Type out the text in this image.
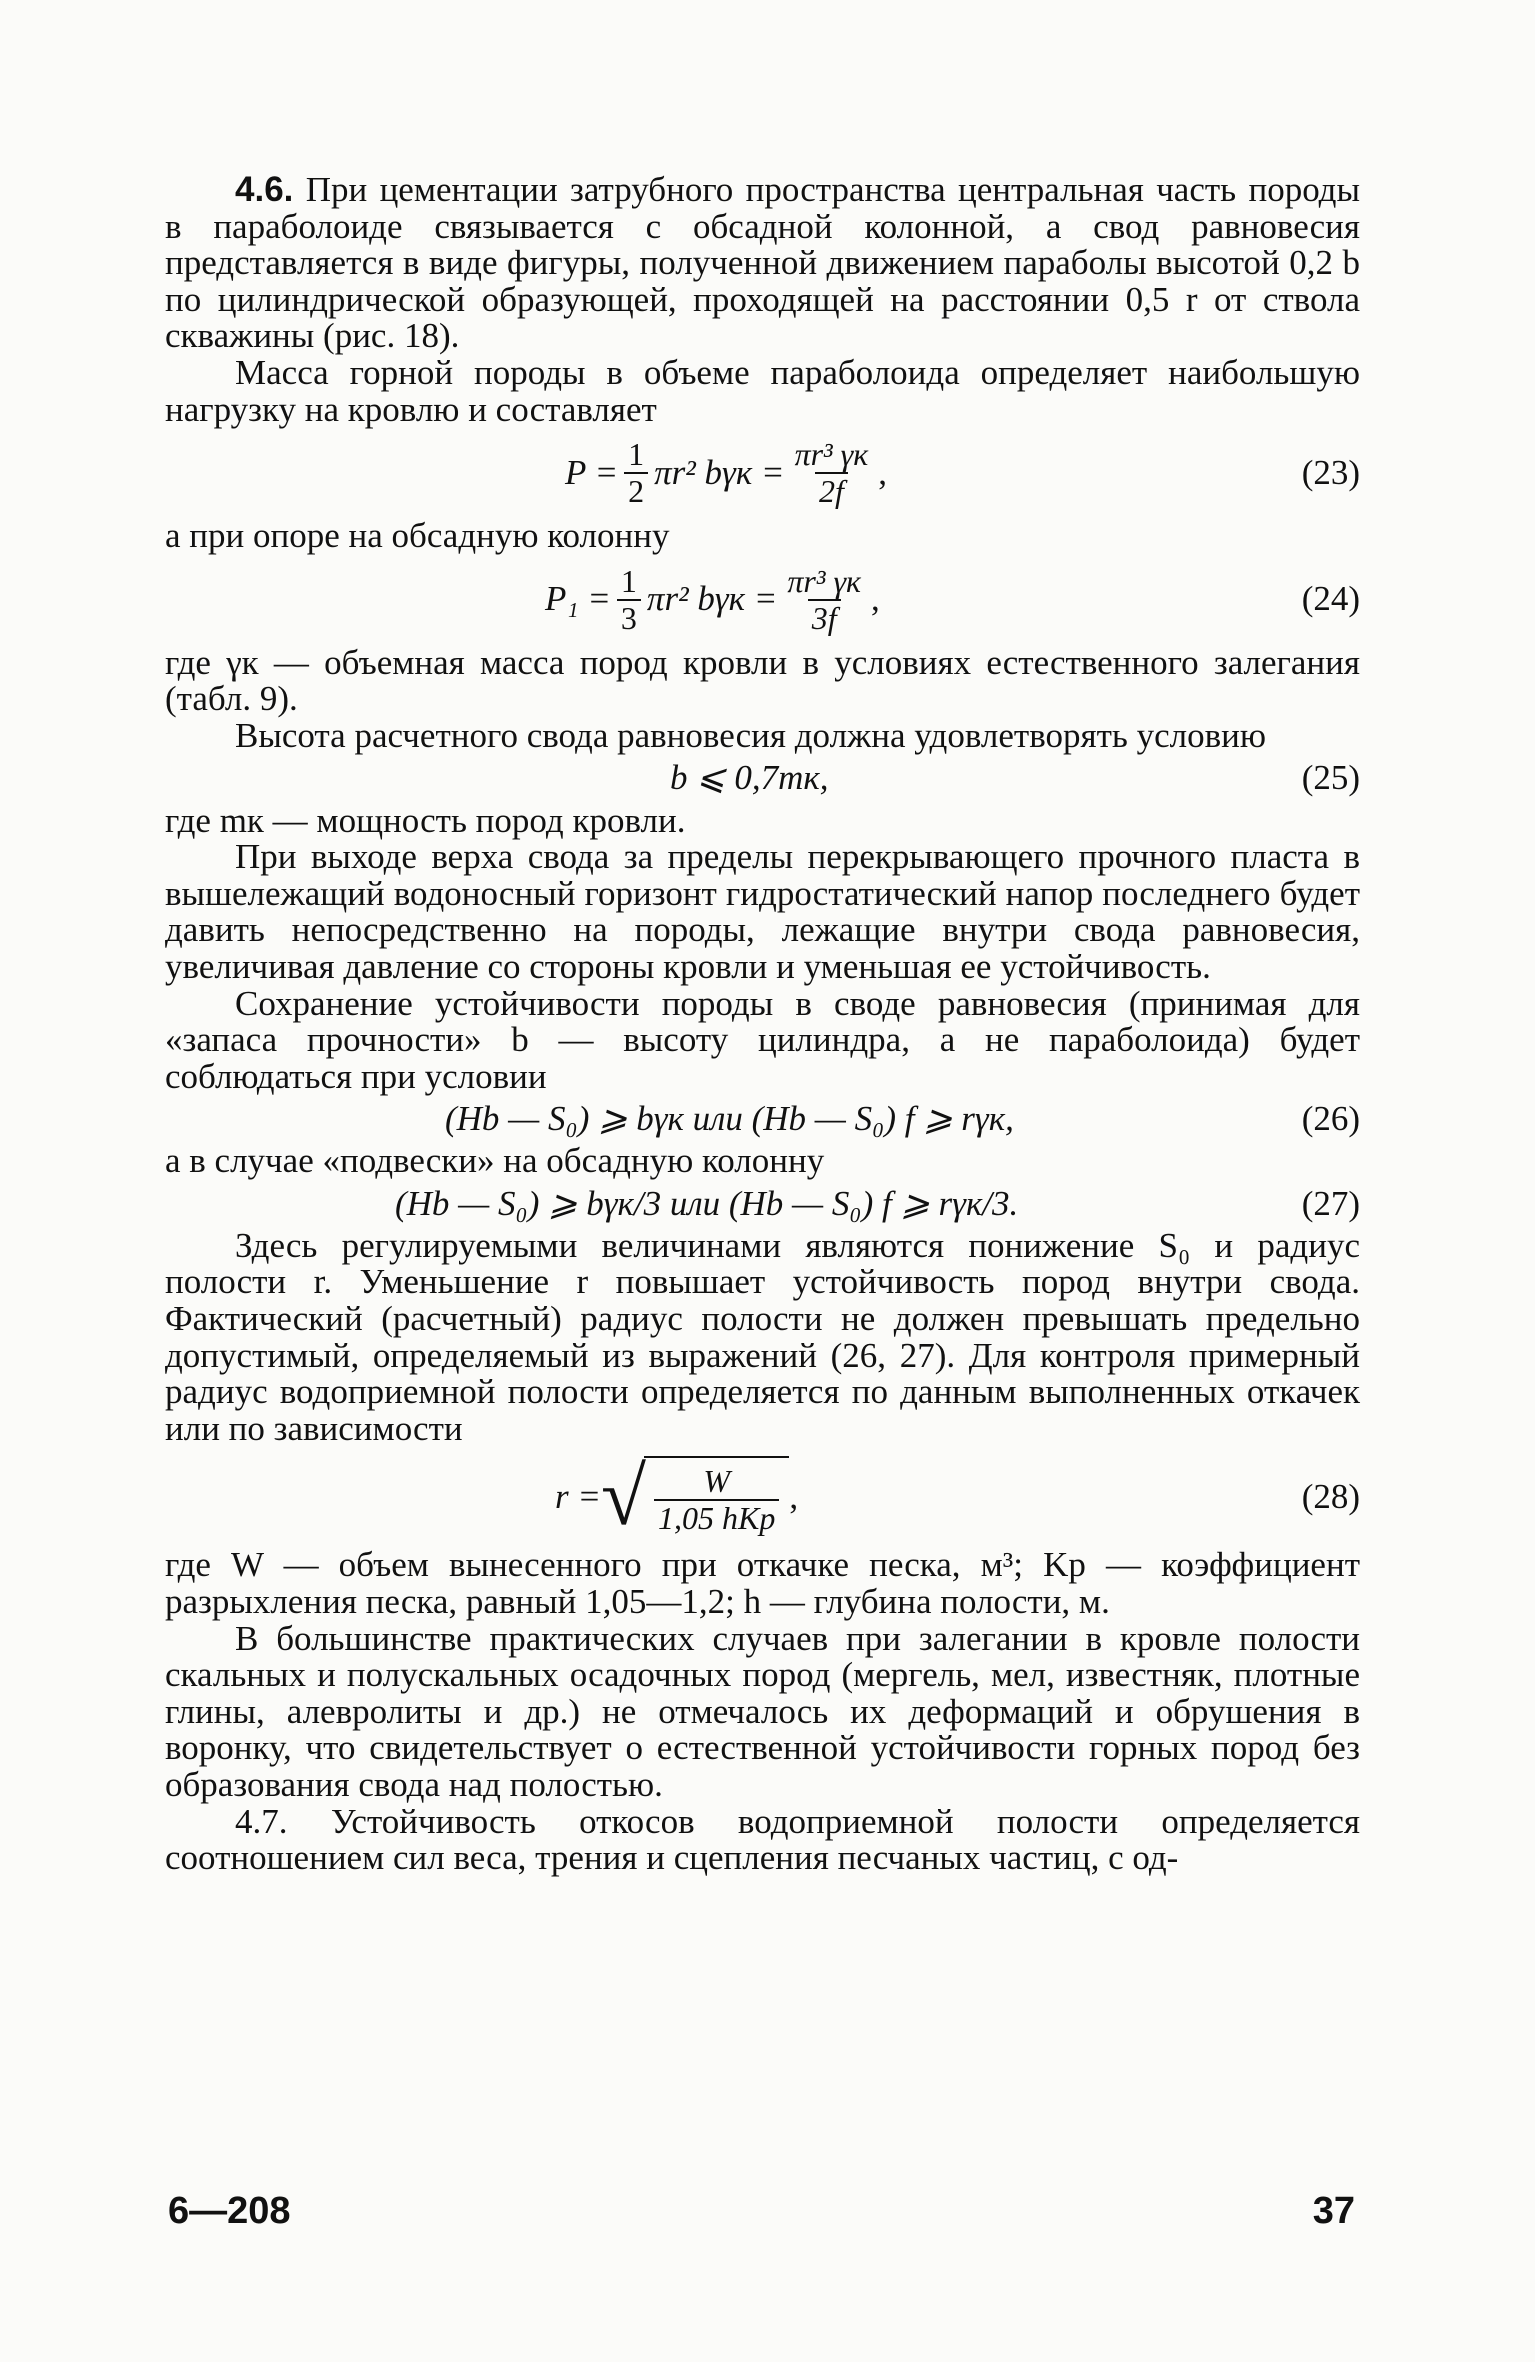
4.6. При цементации затрубного пространства центральная часть породы в параболоиде связывается с обсадной колонной, а свод равновесия представляется в виде фигуры, полученной движением параболы высотой 0,2 b по цилиндрической образующей, проходящей на расстоянии 0,5 r от ствола скважины (рис. 18).

Масса горной породы в объеме параболоида определяет наибольшую нагрузку на кровлю и составляет

$P = \frac{1}{2} \pi r^2$ $b\gamma к = \frac{\text{πr³ γк}}{2f}$ ,	(23)

а при опоре на обсадную колонну

$P_1 = \frac{1}{3} \pi r^2$ $b\gamma к = \frac{\text{πr³ γк}}{3f}$ ,	(24)

где γк — объемная масса пород кровли в условиях естественного залегания (табл. 9).

Высота расчетного свода равновесия должна удовлетворять условию

b ⩽ 0,7mк,	(25)

где mк — мощность пород кровли.

При выходе верха свода за пределы перекрывающего прочного пласта в вышележащий водоносный горизонт гидростатический напор последнего будет давить непосредственно на породы, лежащие внутри свода равновесия, увеличивая давление со стороны кровли и уменьшая ее устойчивость.

Сохранение устойчивости породы в своде равновесия (принимая для «запаса прочности» b — высоту цилиндра, а не параболоида) будет соблюдаться при условии

(Hb — S₀) ⩾ bγк или (Hb — S₀) f ⩾ rγк,	(26)

а в случае «подвески» на обсадную колонну

(Hb — S₀) ⩾ bγк/3 или (Hb — S₀) f ⩾ rγк/3.	(27)

Здесь регулируемыми величинами являются понижение S₀ и радиус полости r. Уменьшение r повышает устойчивость пород внутри свода. Фактический (расчетный) радиус полости не должен превышать предельно допустимый, определяемый из выражений (26, 27). Для контроля примерный радиус водоприемной полости определяется по данным выполненных откачек или по зависимости

r = √ $\frac{W}{\text{1,05 hKр}}$ ,	(28)

где W — объем вынесенного при откачке песка, м³; Kр — коэффициент разрыхления песка, равный 1,05—1,2; h — глубина полости, м.

В большинстве практических случаев при залегании в кровле полости скальных и полускальных осадочных пород (мергель, мел, известняк, плотные глины, алевролиты и др.) не отмечалось их деформаций и обрушения в воронку, что свидетельствует о естественной устойчивости горных пород без образования свода над полостью.

4.7. Устойчивость откосов водоприемной полости определяется соотношением сил веса, трения и сцепления песчаных частиц, с од-

6—208	37
